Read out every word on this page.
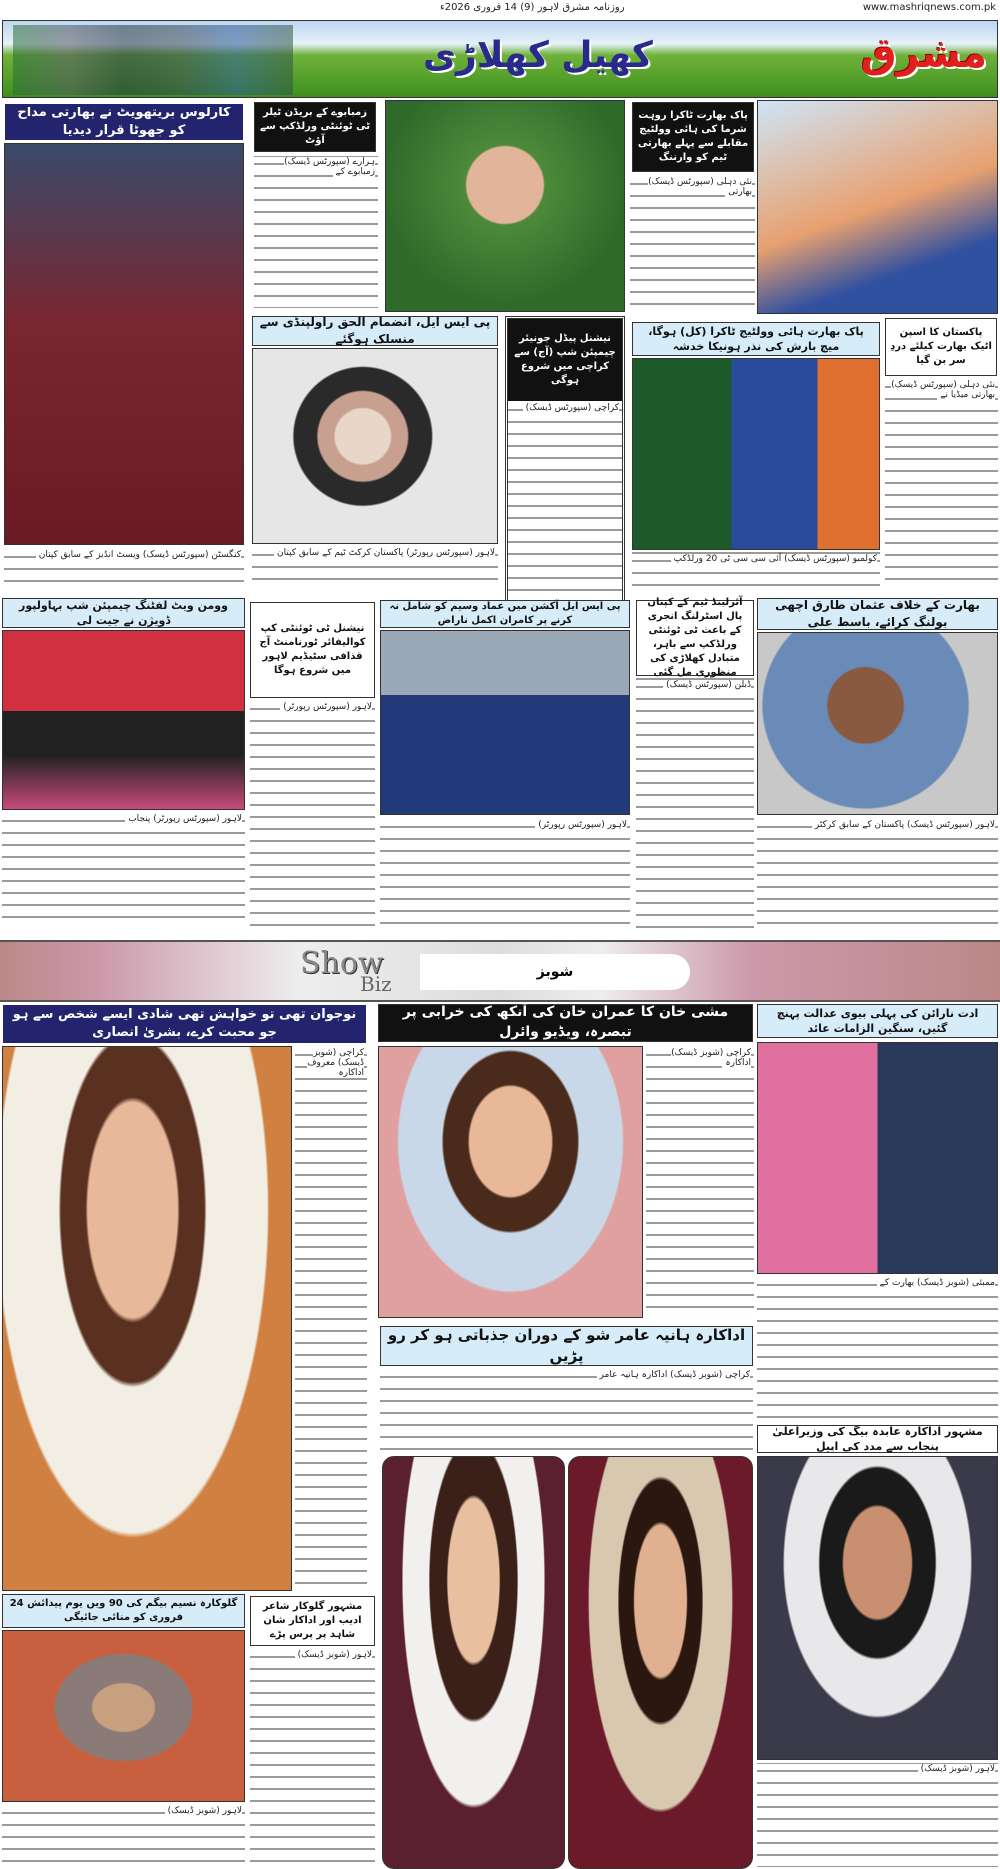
www.mashriqnews.com.pk
روزنامہ مشرق لاہور (9) 14 فروری 2026ء
کھیل کھلاڑی	مشرق
کارلوس بریتھویٹ نے بھارتی مداح کو جھوٹا قرار دیدیا
کنگسٹن (سپورٹس ڈیسک) ویسٹ انڈیز کے سابق کپتان
زمبابوے کے بریڈن ٹیلر ٹی ٹوئنٹی ورلڈکپ سے آؤٹ
ہرارے (سپورٹس ڈیسک) زمبابوے کے
پاک بھارت ٹاکرا روہت شرما کی ہائی وولٹیج مقابلے سے پہلے بھارتی ٹیم کو وارننگ
نئی دہلی (سپورٹس ڈیسک) بھارتی
پی ایس ایل، انضمام الحق راولپنڈی سے منسلک ہوگئے
لاہور (سپورٹس رپورٹر) پاکستان کرکٹ ٹیم کے سابق کپتان
نیشنل پیڈل جونیئر چیمپئن شپ (آج) سے کراچی میں شروع ہوگی
کراچی (سپورٹس ڈیسک)
پاک بھارت ہائی وولٹیج ٹاکرا (کل) ہوگا، میچ بارش کی نذر ہونیکا خدشہ
کولمبو (سپورٹس ڈیسک) آئی سی سی ٹی 20 ورلڈکپ
پاکستان کا اسپن اٹیک بھارت کیلئے دردِ سر بن گیا
نئی دہلی (سپورٹس ڈیسک) بھارتی میڈیا نے
وومن ویٹ لفٹنگ چیمپئن شپ بہاولپور ڈویژن نے جیت لی
لاہور (سپورٹس رپورٹر) پنجاب
نیشنل ٹی ٹوئنٹی کپ کوالیفائر ٹورنامنٹ آج قذافی سٹیڈیم لاہور میں شروع ہوگا
لاہور (سپورٹس رپورٹر)
پی ایس ایل آکشن میں عماد وسیم کو شامل نہ کرنے پر کامران اکمل ناراض
لاہور (سپورٹس رپورٹر)
آئرلینڈ ٹیم کے کپتان پال اسٹرلنگ انجری کے باعث ٹی ٹوئنٹی ورلڈکپ سے باہر، متبادل کھلاڑی کی منظوری مل گئی
ڈبلن (سپورٹس ڈیسک)
بھارت کے خلاف عثمان طارق اچھی بولنگ کرائے، باسط علی
لاہور (سپورٹس ڈیسک) پاکستان کے سابق کرکٹر
Show
Biz	شوبز
نوجوان تھی تو خواہش تھی شادی ایسے شخص سے ہو جو محبت کرے، بشریٰ انصاری
کراچی (شوبز ڈیسک) معروف اداکارہ
مشی خان کا عمران خان کی آنکھ کی خرابی پر تبصرہ، ویڈیو وائرل
کراچی (شوبز ڈیسک) اداکارہ
ادت نارائن کی پہلی بیوی عدالت پہنچ گئیں، سنگین الزامات عائد
ممبئی (شوبز ڈیسک) بھارت کے
اداکارہ ہانیہ عامر شو کے دوران جذباتی ہو کر رو پڑیں
کراچی (شوبز ڈیسک) اداکارہ ہانیہ عامر
مشہور اداکارہ عابدہ بیگ کی وزیراعلیٰ پنجاب سے مدد کی اپیل
لاہور (شوبز ڈیسک)
گلوکارہ نسیم بیگم کی 90 ویں یوم پیدائش 24 فروری کو منائی جائیگی
لاہور (شوبز ڈیسک)
مشہور گلوکار شاعر ادیب اور اداکار شان شاہد پر پرس پڑے
لاہور (شوبز ڈیسک)
